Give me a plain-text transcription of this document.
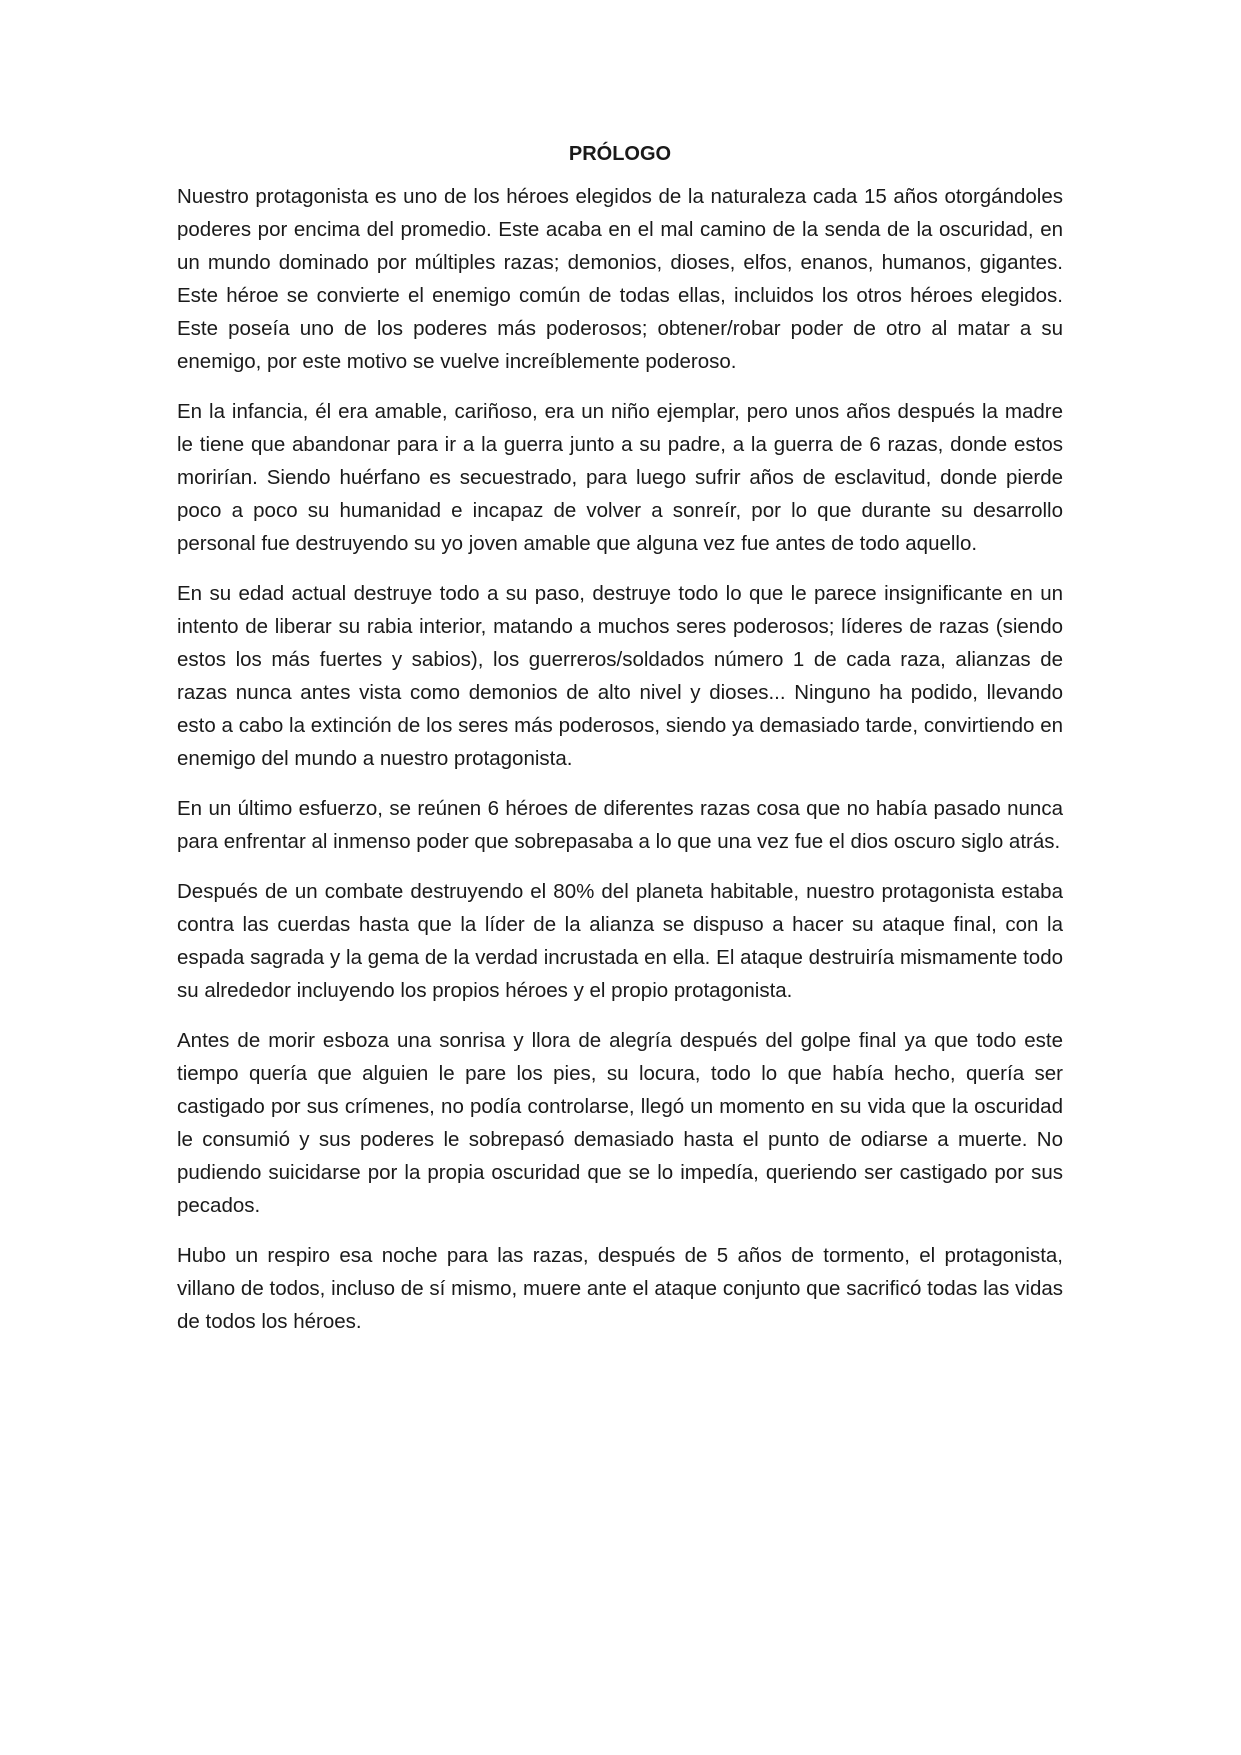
PRÓLOGO

Nuestro protagonista es uno de los héroes elegidos de la naturaleza cada 15 años otorgándoles poderes por encima del promedio. Este acaba en el mal camino de la senda de la oscuridad, en un mundo dominado por múltiples razas; demonios, dioses, elfos, enanos, humanos, gigantes. Este héroe se convierte el enemigo común de todas ellas, incluidos los otros héroes elegidos. Este poseía uno de los poderes más poderosos; obtener/robar poder de otro al matar a su enemigo, por este motivo se vuelve increíblemente poderoso.

En la infancia, él era amable, cariñoso, era un niño ejemplar, pero unos años después la madre le tiene que abandonar para ir a la guerra junto a su padre, a la guerra de 6 razas, donde estos morirían. Siendo huérfano es secuestrado, para luego sufrir años de esclavitud, donde pierde poco a poco su humanidad e incapaz de volver a sonreír, por lo que durante su desarrollo personal fue destruyendo su yo joven amable que alguna vez fue antes de todo aquello.

En su edad actual destruye todo a su paso, destruye todo lo que le parece insignificante en un intento de liberar su rabia interior, matando a muchos seres poderosos; líderes de razas (siendo estos los más fuertes y sabios), los guerreros/soldados número 1 de cada raza, alianzas de razas nunca antes vista como demonios de alto nivel y dioses... Ninguno ha podido, llevando esto a cabo la extinción de los seres más poderosos, siendo ya demasiado tarde, convirtiendo en enemigo del mundo a nuestro protagonista.

En un último esfuerzo, se reúnen 6 héroes de diferentes razas cosa que no había pasado nunca para enfrentar al inmenso poder que sobrepasaba a lo que una vez fue el dios oscuro siglo atrás.

Después de un combate destruyendo el 80% del planeta habitable, nuestro protagonista estaba contra las cuerdas hasta que la líder de la alianza se dispuso a hacer su ataque final, con la espada sagrada y la gema de la verdad incrustada en ella. El ataque destruiría mismamente todo su alrededor incluyendo los propios héroes y el propio protagonista.

Antes de morir esboza una sonrisa y llora de alegría después del golpe final ya que todo este tiempo quería que alguien le pare los pies, su locura, todo lo que había hecho, quería ser castigado por sus crímenes, no podía controlarse, llegó un momento en su vida que la oscuridad le consumió y sus poderes le sobrepasó demasiado hasta el punto de odiarse a muerte. No pudiendo suicidarse por la propia oscuridad que se lo impedía, queriendo ser castigado por sus pecados.

Hubo un respiro esa noche para las razas, después de 5 años de tormento, el protagonista, villano de todos, incluso de sí mismo, muere ante el ataque conjunto que sacrificó todas las vidas de todos los héroes.
